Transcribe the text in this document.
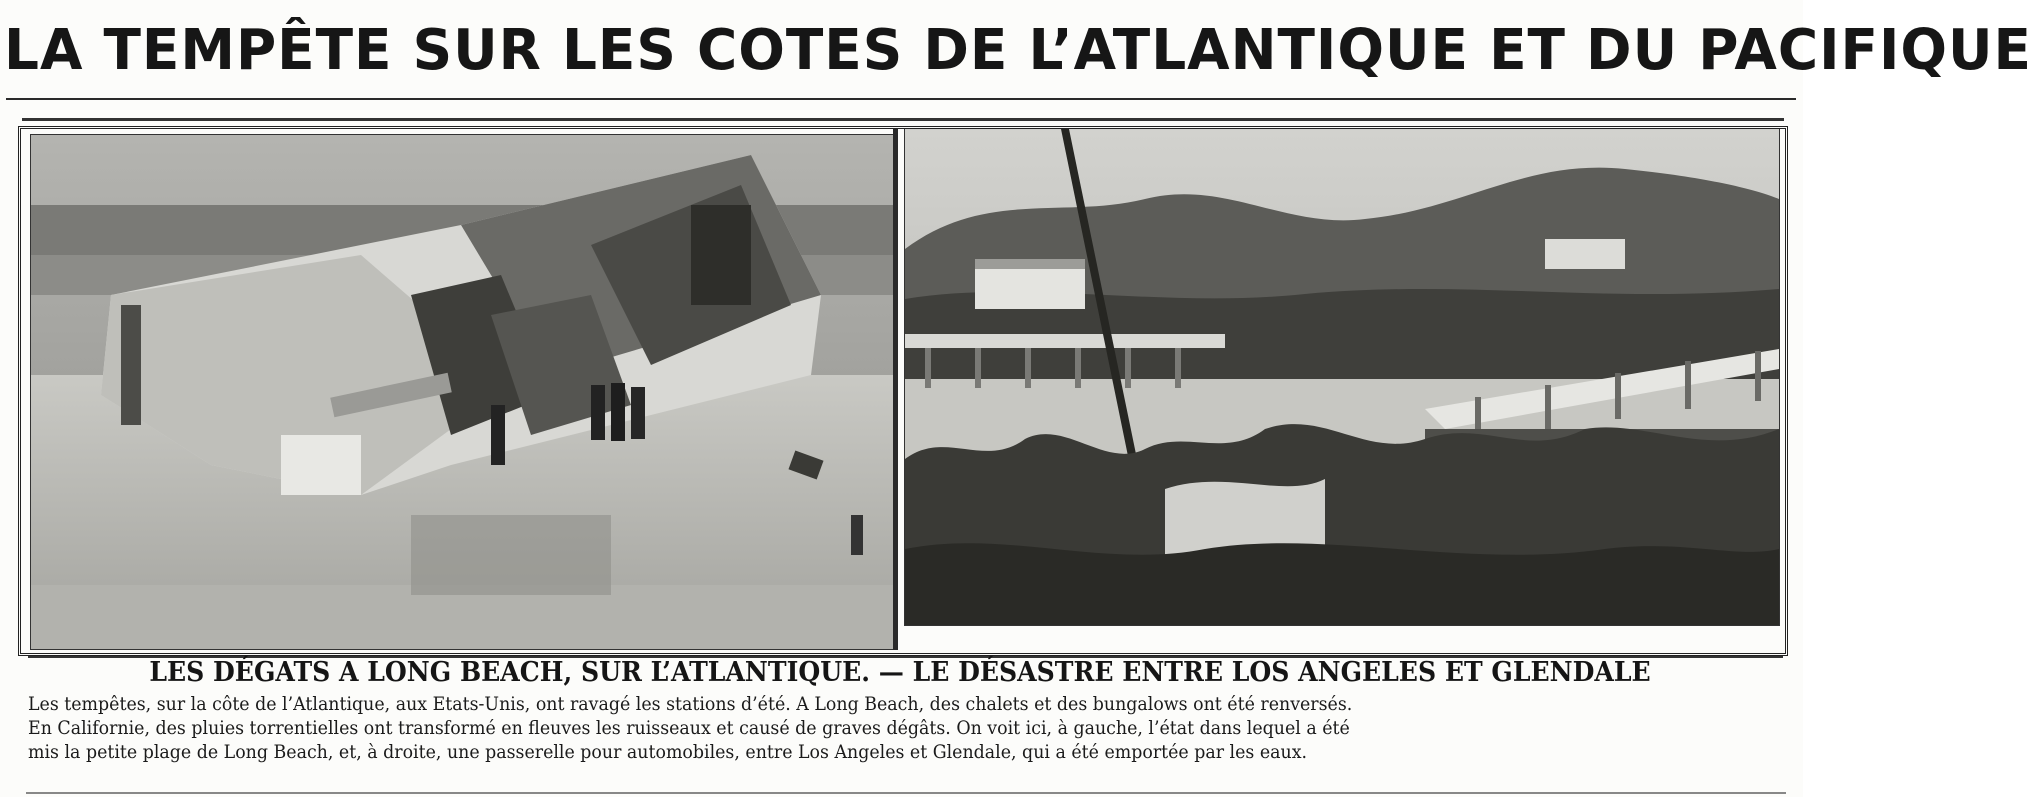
LA TEMPÊTE SUR LES COTES DE L’ATLANTIQUE ET DU PACIFIQUE
LES DÉGATS A LONG BEACH, SUR L’ATLANTIQUE. — LE DÉSASTRE ENTRE LOS ANGELES ET GLENDALE
Les tempêtes, sur la côte de l’Atlantique, aux Etats-Unis, ont ravagé les stations d’été. A Long Beach, des chalets et des bungalows ont été renversés.
En Californie, des pluies torrentielles ont transformé en fleuves les ruisseaux et causé de graves dégâts. On voit ici, à gauche, l’état dans lequel a été
mis la petite plage de Long Beach, et, à droite, une passerelle pour automobiles, entre Los Angeles et Glendale, qui a été emportée par les eaux.
